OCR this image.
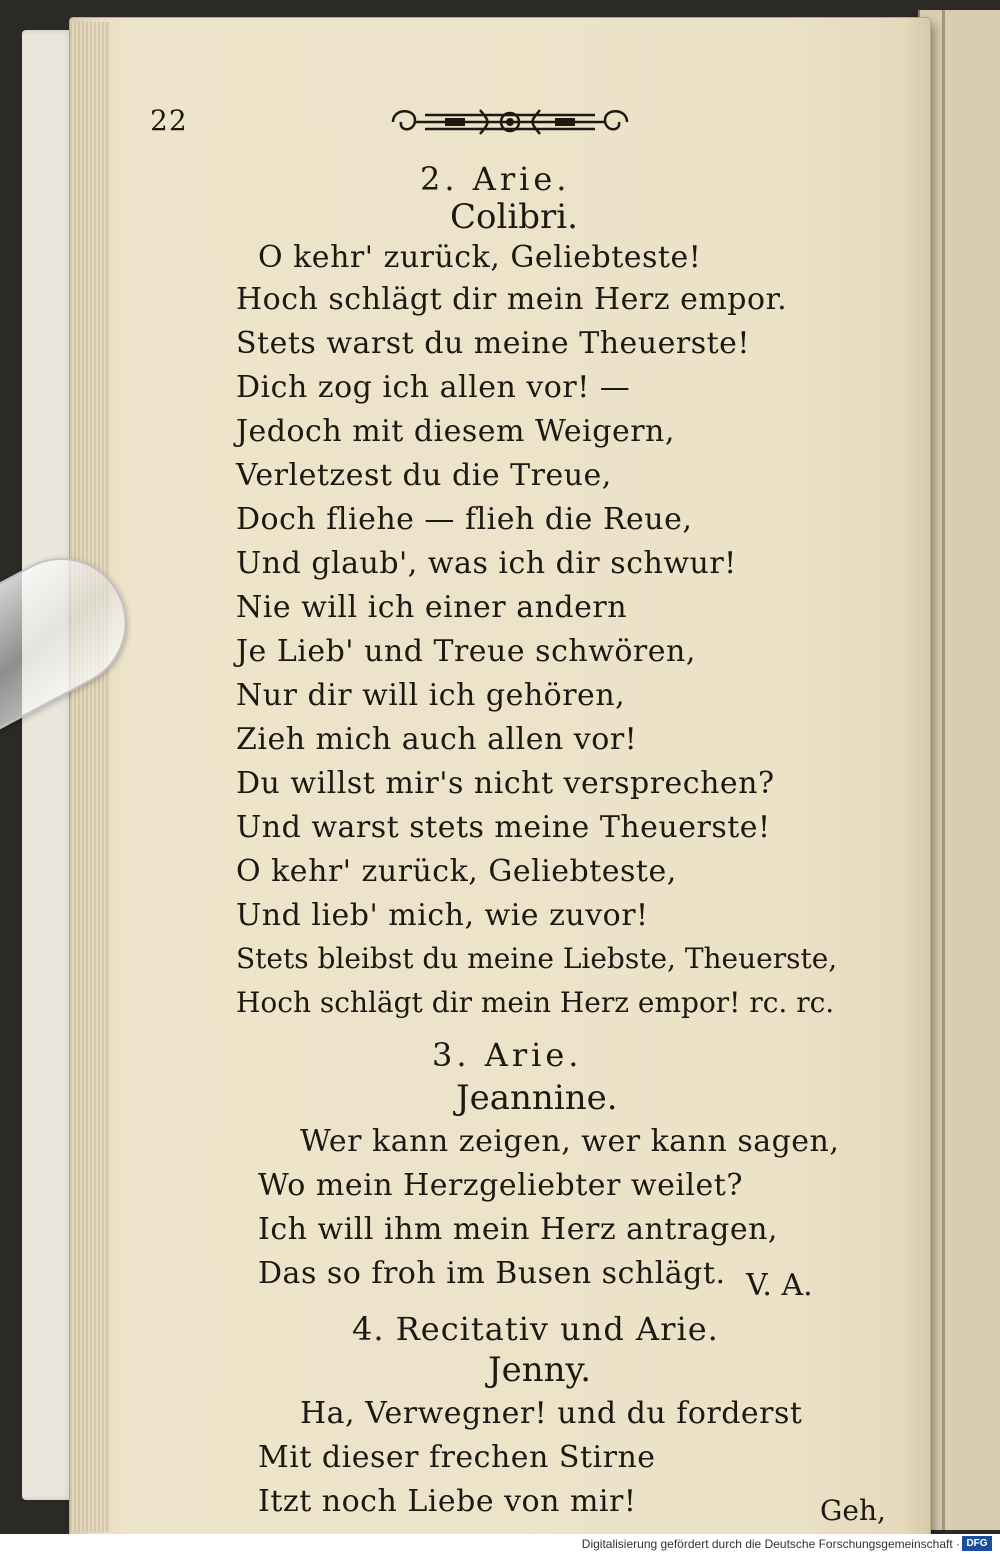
22
2. Arie.
Colibri.
O kehr' zurück, Geliebteste!
Hoch schlägt dir mein Herz empor.
Stets warst du meine Theuerste!
Dich zog ich allen vor! —
Jedoch mit diesem Weigern,
Verletzest du die Treue,
Doch fliehe — flieh die Reue,
Und glaub', was ich dir schwur!
Nie will ich einer andern
Je Lieb' und Treue schwören,
Nur dir will ich gehören,
Zieh mich auch allen vor!
Du willst mir's nicht versprechen?
Und warst stets meine Theuerste!
O kehr' zurück, Geliebteste,
Und lieb' mich, wie zuvor!
Stets bleibst du meine Liebste, Theuerste,
Hoch schlägt dir mein Herz empor! rc. rc.
3. Arie.
Jeannine.
Wer kann zeigen, wer kann sagen,
Wo mein Herzgeliebter weilet?
Ich will ihm mein Herz antragen,
Das so froh im Busen schlägt. V. A.
4. Recitativ und Arie.
Jenny.
Ha, Verwegner! und du forderst
Mit dieser frechen Stirne
Itzt noch Liebe von mir!	Geh,
Digitalisierung gefördert durch die Deutsche Forschungsgemeinschaft · DFG
